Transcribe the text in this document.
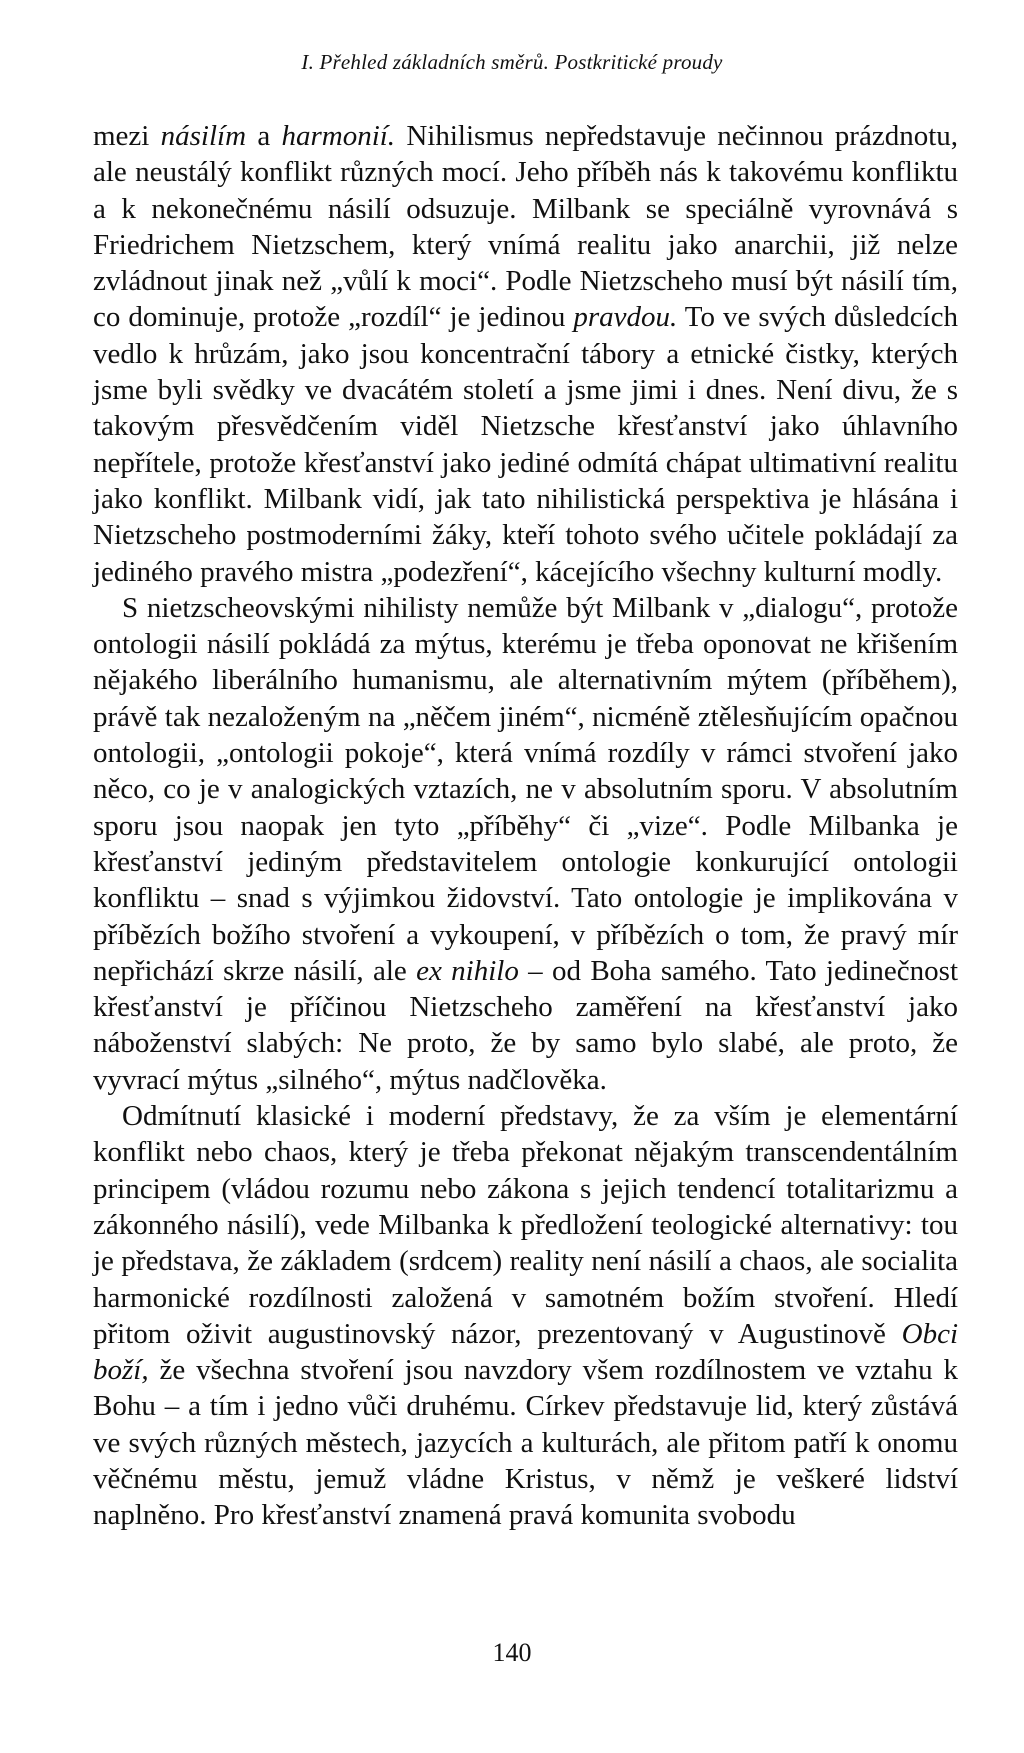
I. Přehled základních směrů. Postkritické proudy

mezi násilím a harmonií. Nihilismus nepředstavuje nečinnou prázdnotu, ale neustálý konflikt různých mocí. Jeho příběh nás k takovému konfliktu a k nekonečnému násilí odsuzuje. Milbank se speciálně vyrovnává s Friedrichem Nietzschem, který vnímá realitu jako anarchii, již nelze zvládnout jinak než „vůlí k moci“. Podle Nietzscheho musí být násilí tím, co dominuje, protože „rozdíl“ je jedinou pravdou. To ve svých důsledcích vedlo k hrůzám, jako jsou koncentrační tábory a etnické čistky, kterých jsme byli svědky ve dvacátém století a jsme jimi i dnes. Není divu, že s takovým přesvědčením viděl Nietzsche křesťanství jako úhlavního nepřítele, protože křesťanství jako jediné odmítá chápat ultimativní realitu jako konflikt. Milbank vidí, jak tato nihilistická perspektiva je hlásána i Nietzscheho postmoderními žáky, kteří tohoto svého učitele pokládají za jediného pravého mistra „podezření“, kácejícího všechny kulturní modly.

S nietzscheovskými nihilisty nemůže být Milbank v „dialogu“, protože ontologii násilí pokládá za mýtus, kterému je třeba oponovat ne křišením nějakého liberálního humanismu, ale alternativním mýtem (příběhem), právě tak nezaloženým na „něčem jiném“, nicméně ztělesňujícím opačnou ontologii, „ontologii pokoje“, která vnímá rozdíly v rámci stvoření jako něco, co je v analogických vztazích, ne v absolutním sporu. V absolutním sporu jsou naopak jen tyto „příběhy“ či „vize“. Podle Milbanka je křesťanství jediným představitelem ontologie konkurující ontologii konfliktu – snad s výjimkou židovství. Tato ontologie je implikována v příbězích božího stvoření a vykoupení, v příbězích o tom, že pravý mír nepřichází skrze násilí, ale ex nihilo – od Boha samého. Tato jedinečnost křesťanství je příčinou Nietzscheho zaměření na křesťanství jako náboženství slabých: Ne proto, že by samo bylo slabé, ale proto, že vyvrací mýtus „silného“, mýtus nadčlověka.

Odmítnutí klasické i moderní představy, že za vším je elementární konflikt nebo chaos, který je třeba překonat nějakým transcendentálním principem (vládou rozumu nebo zákona s jejich tendencí totalitarizmu a zákonného násilí), vede Milbanka k předložení teologické alternativy: tou je představa, že základem (srdcem) reality není násilí a chaos, ale socialita harmonické rozdílnosti založená v samotném božím stvoření. Hledí přitom oživit augustinovský názor, prezentovaný v Augustinově Obci boží, že všechna stvoření jsou navzdory všem rozdílnostem ve vztahu k Bohu – a tím i jedno vůči druhému. Církev představuje lid, který zůstává ve svých různých městech, jazycích a kulturách, ale přitom patří k onomu věčnému městu, jemuž vládne Kristus, v němž je veškeré lidství naplněno. Pro křesťanství znamená pravá komunita svobodu

140
